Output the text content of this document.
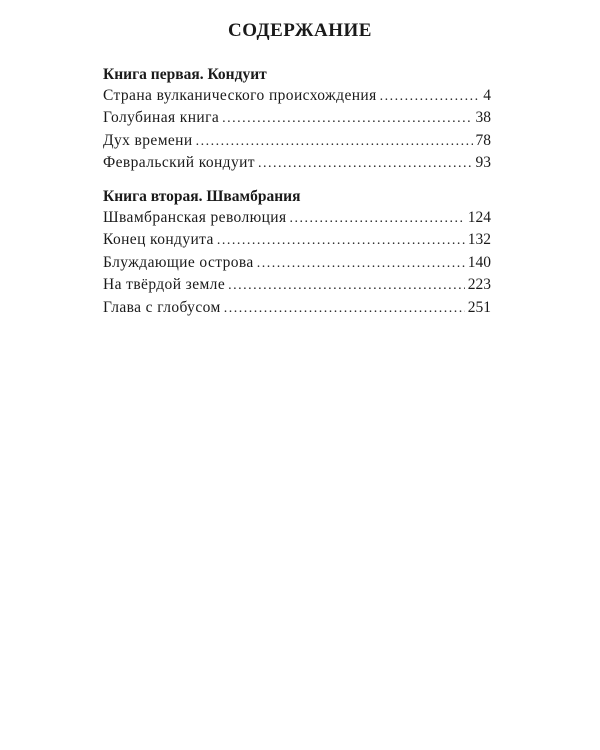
СОДЕРЖАНИЕ
Книга первая. Кондуит
Страна вулканического происхождения .....	4
Голубиная книга .....	38
Дух времени .....	78
Февральский кондуит .....	93
Книга вторая. Швамбрания
Швамбранская революция .....	124
Конец кондуита .....	132
Блуждающие острова .....	140
На твёрдой земле .....	223
Глава с глобусом .....	251
